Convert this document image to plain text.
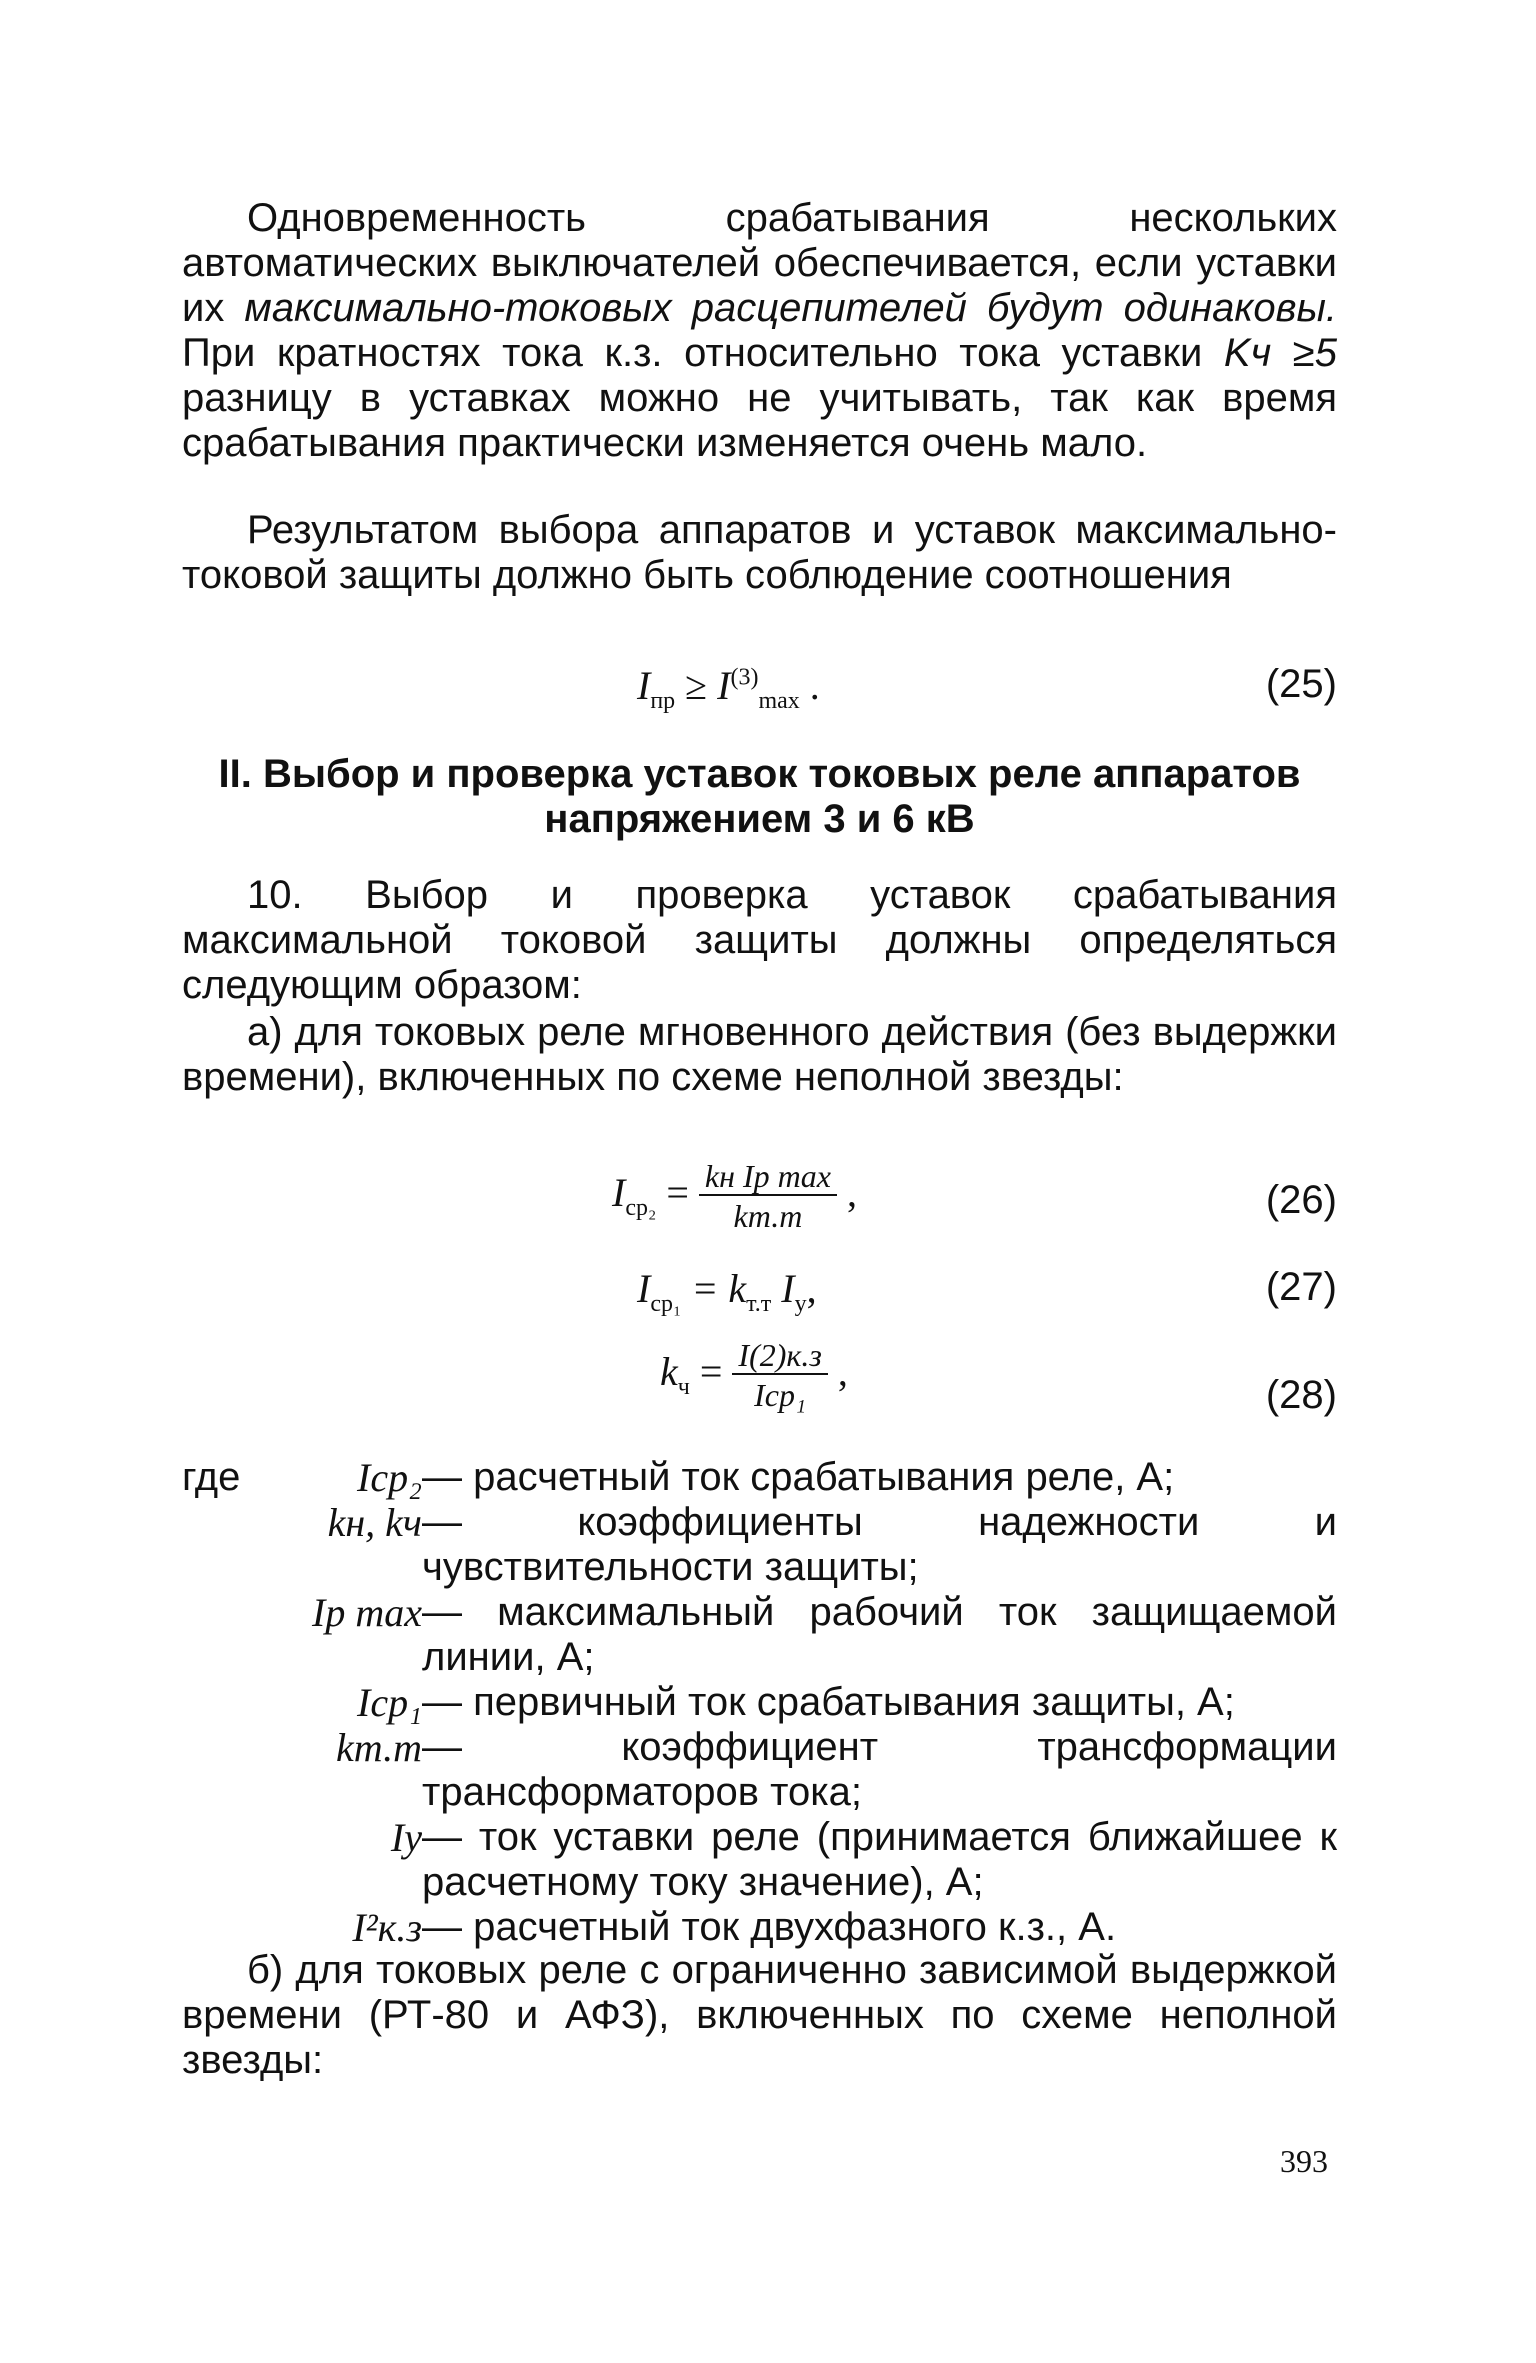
Одновременность срабатывания нескольких автоматических выключателей обеспечивается, если уставки их максимально-токовых расцепителей будут одинаковы. При кратностях тока к.з. относительно тока уставки Kч ≥5 разницу в уставках можно не учитывать, так как время срабатывания практически изменяется очень мало.

Результатом выбора аппаратов и уставок максимально-токовой защиты должно быть соблюдение соотношения

$I_{пр} \ge I^{(3)}_{max}$ .	(25)

II. Выбор и проверка уставок токовых реле аппаратов

напряжением 3 и 6 кВ

10. Выбор и проверка уставок срабатывания максимальной токовой защиты должны определяться следующим образом:

а) для токовых реле мгновенного действия (без выдержки времени), включенных по схеме неполной звезды:

$I_{ср_2} = \frac{\text{kн Iр max}}{kт.т}$ ,	(26)
$I_{ср_1} = k_{т.т}$ $I_у$,	(27)
$k_ч = \frac{I(2)к.з}{\text{Iср₁}}$ ,
(28)
где	Iср₂ — расчетный ток срабатывания реле, А;
kн, kч — коэффициенты надежности и чувствительности защиты;
Iр max — максимальный рабочий ток защищаемой линии, А;
Iср₁ — первичный ток срабатывания защиты, А;
kт.т — коэффициент трансформации трансформаторов тока;
Iу — ток уставки реле (принимается ближайшее к расчетному току значение), А;
I²к.з — расчетный ток двухфазного к.з., А.

б) для токовых реле с ограниченно зависимой выдержкой времени (РТ-80 и АФЗ), включенных по схеме неполной звезды:

393
